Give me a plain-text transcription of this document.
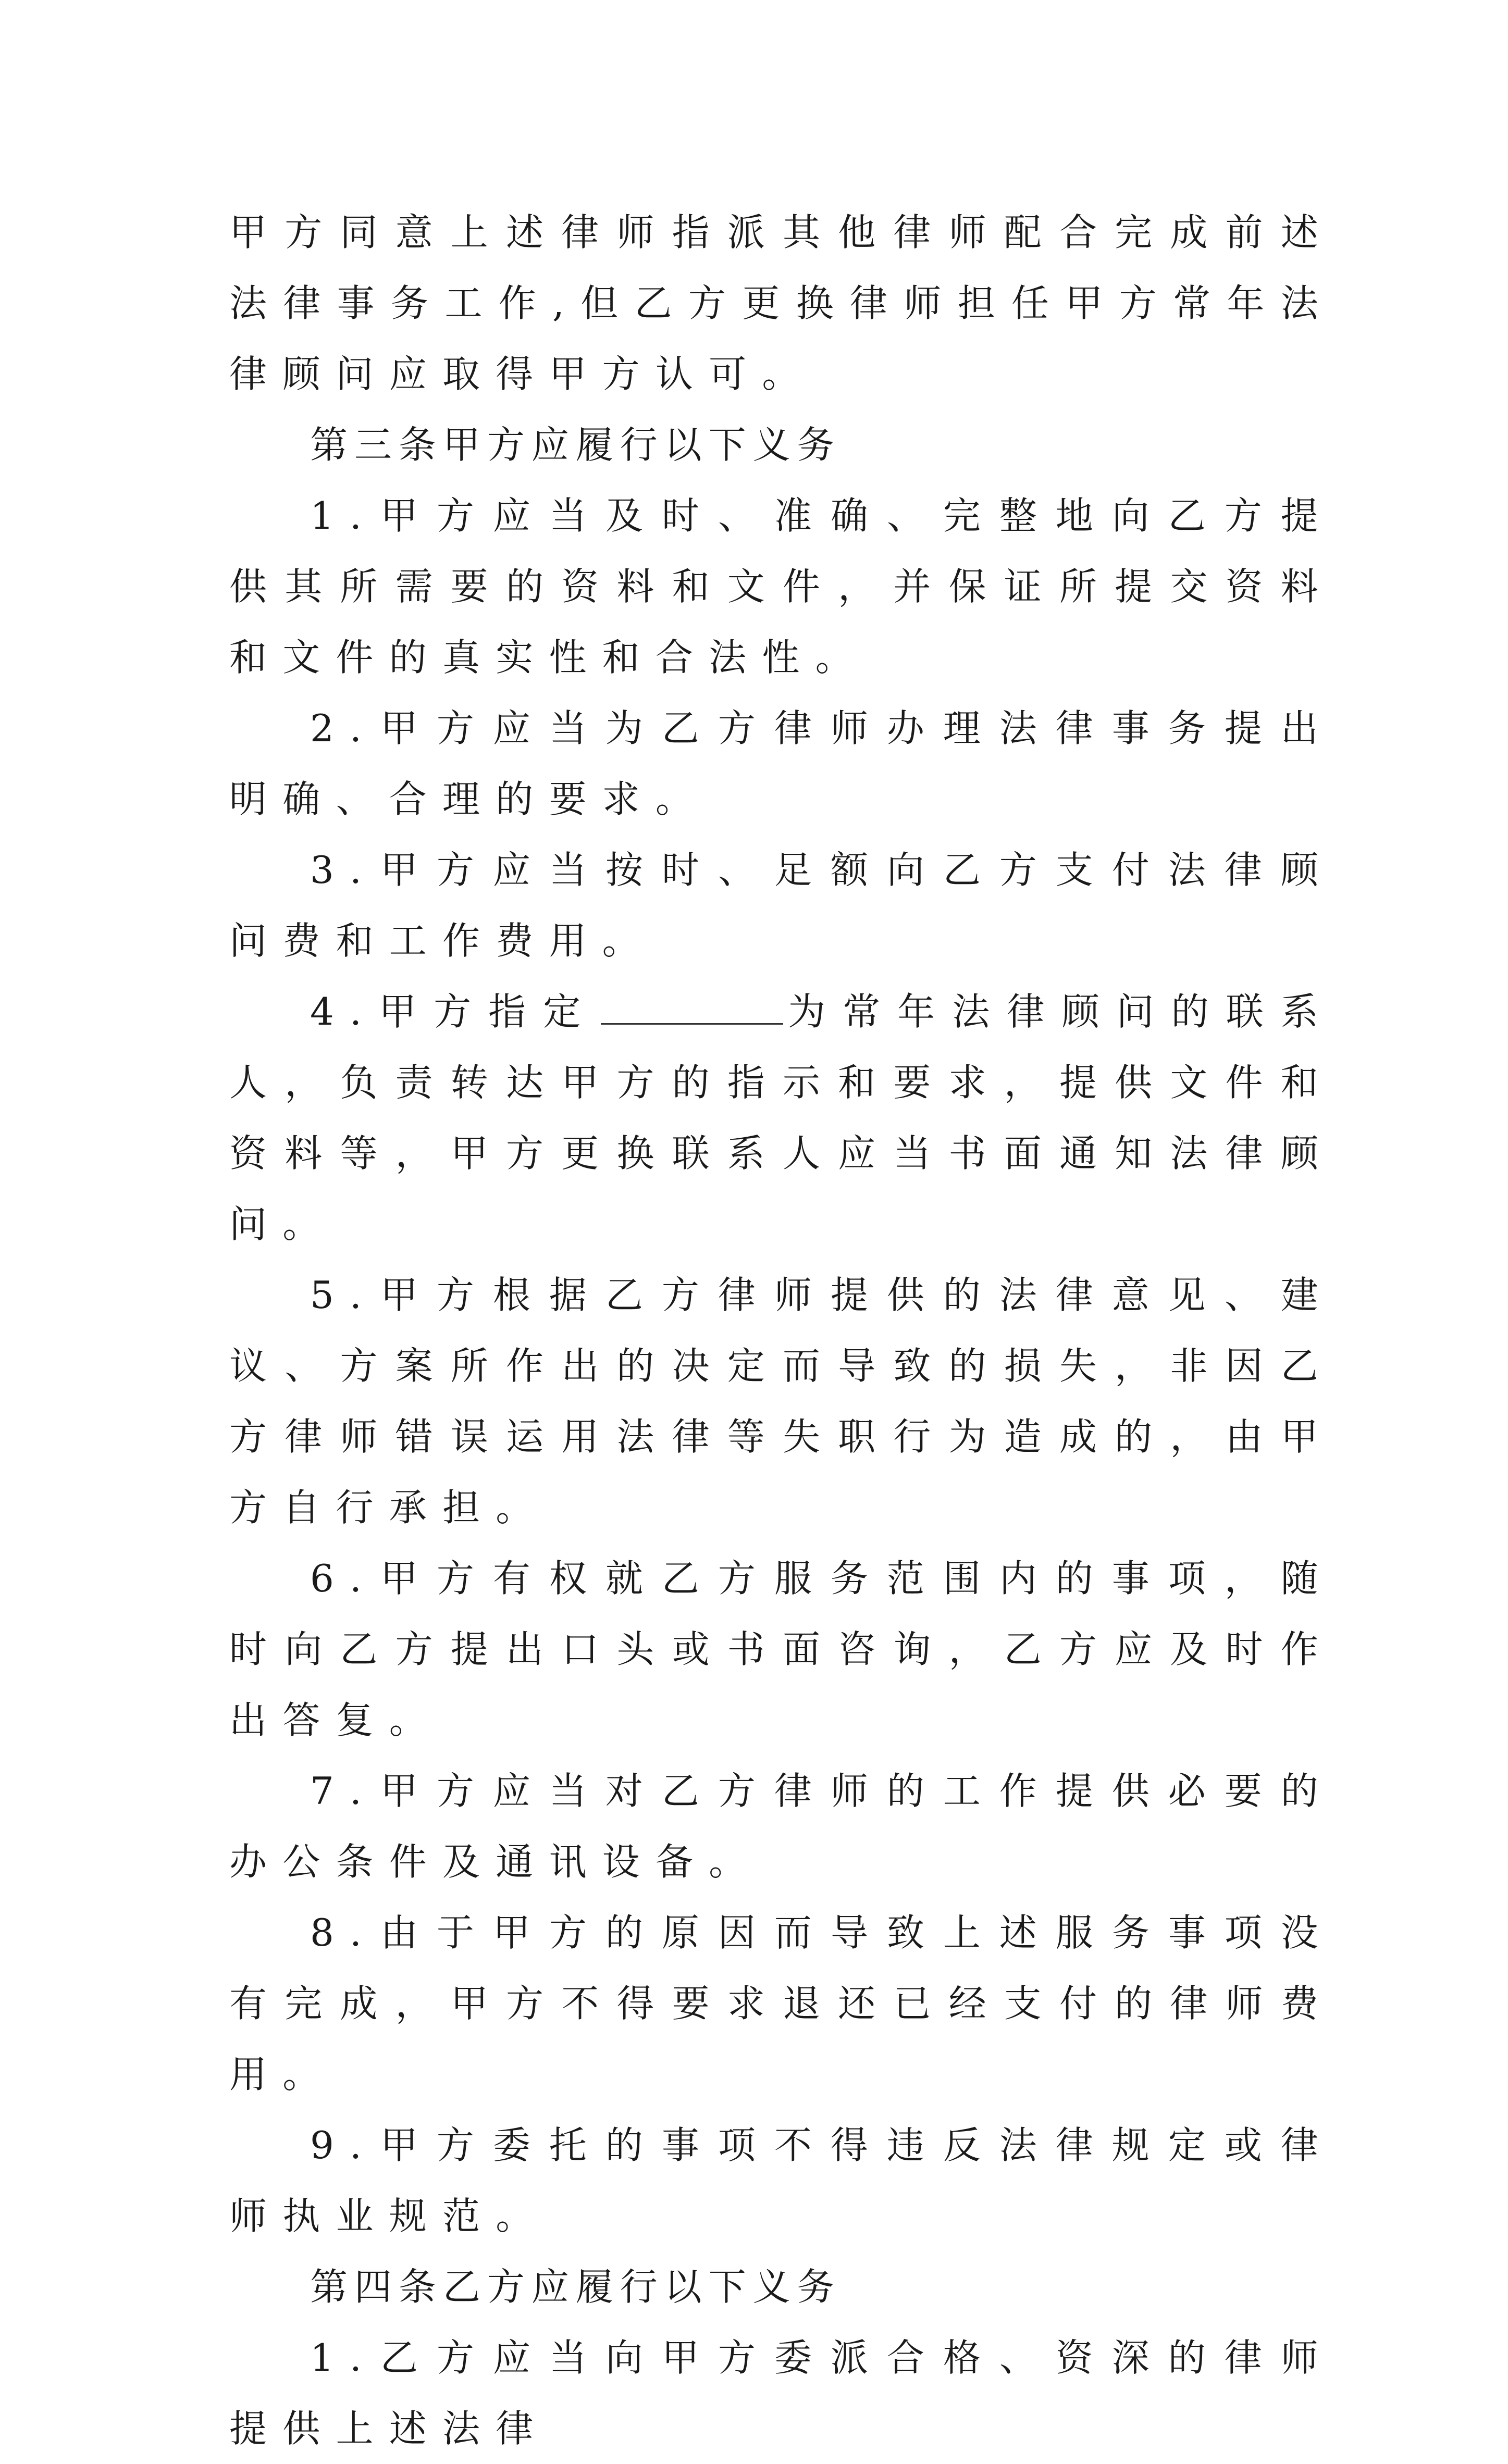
甲方同意上述律师指派其他律师配合完成前述法律事务工作,但乙方更换律师担任甲方常年法律顾问应取得甲方认可。

第三条甲方应履行以下义务

1.甲方应当及时、准确、完整地向乙方提供其所需要的资料和文件，并保证所提交资料和文件的真实性和合法性。

2.甲方应当为乙方律师办理法律事务提出明确、合理的要求。

3.甲方应当按时、足额向乙方支付法律顾问费和工作费用。

4.甲方指定	为常年法律顾问的联系人，负责转达甲方的指示和要求，提供文件和资料等，甲方更换联系人应当书面通知法律顾问。

5.甲方根据乙方律师提供的法律意见、建议、方案所作出的决定而导致的损失，非因乙方律师错误运用法律等失职行为造成的，由甲方自行承担。

6.甲方有权就乙方服务范围内的事项，随时向乙方提出口头或书面咨询，乙方应及时作出答复。

7.甲方应当对乙方律师的工作提供必要的办公条件及通讯设备。

8.由于甲方的原因而导致上述服务事项没有完成，甲方不得要求退还已经支付的律师费用。

9.甲方委托的事项不得违反法律规定或律师执业规范。

第四条乙方应履行以下义务

1.乙方应当向甲方委派合格、资深的律师提供上述法律
